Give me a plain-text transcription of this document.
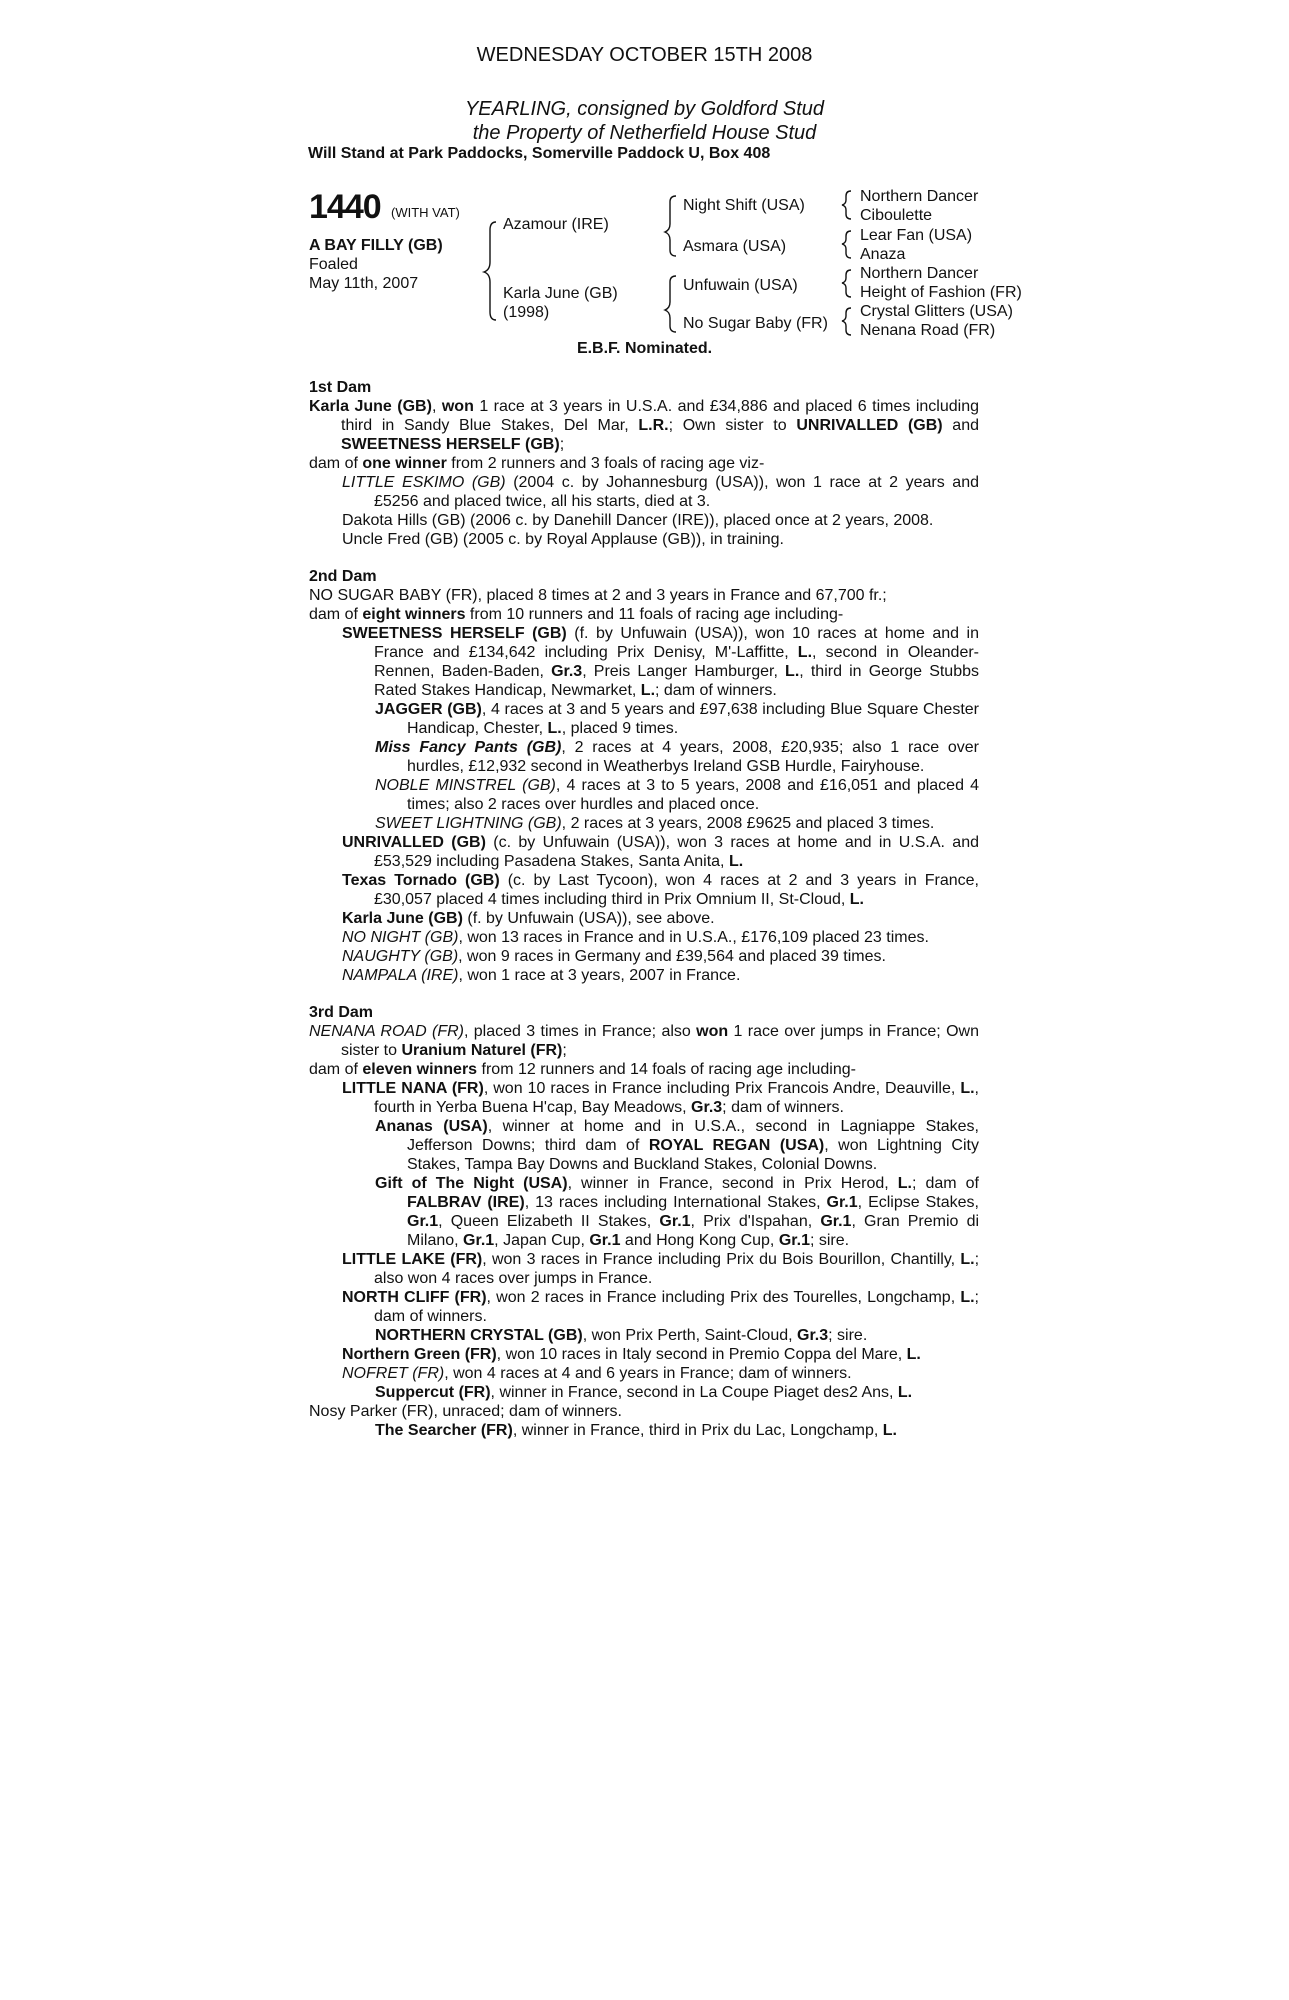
WEDNESDAY OCTOBER 15TH 2008
YEARLING, consigned by Goldford Stud
the Property of Netherfield House Stud
Will Stand at Park Paddocks, Somerville Paddock U, Box 408
1440 (WITH VAT)
A BAY FILLY (GB)
Foaled
May 11th, 2007
Azamour (IRE)
Karla June (GB)
(1998)
Night Shift (USA)
Asmara (USA)
Unfuwain (USA)
No Sugar Baby (FR)
Northern Dancer
Ciboulette
Lear Fan (USA)
Anaza
Northern Dancer
Height of Fashion (FR)
Crystal Glitters (USA)
Nenana Road (FR)
E.B.F. Nominated.

1st Dam

Karla June (GB), won 1 race at 3 years in U.S.A. and £34,886 and placed 6 times including third in Sandy Blue Stakes, Del Mar, L.R.; Own sister to UNRIVALLED (GB) and SWEETNESS HERSELF (GB);

dam of one winner from 2 runners and 3 foals of racing age viz-

LITTLE ESKIMO (GB) (2004 c. by Johannesburg (USA)), won 1 race at 2 years and £5256 and placed twice, all his starts, died at 3.

Dakota Hills (GB) (2006 c. by Danehill Dancer (IRE)), placed once at 2 years, 2008.

Uncle Fred (GB) (2005 c. by Royal Applause (GB)), in training.

2nd Dam

NO SUGAR BABY (FR), placed 8 times at 2 and 3 years in France and 67,700 fr.;

dam of eight winners from 10 runners and 11 foals of racing age including-

SWEETNESS HERSELF (GB) (f. by Unfuwain (USA)), won 10 races at home and in France and £134,642 including Prix Denisy, M'-Laffitte, L., second in Oleander-Rennen, Baden-Baden, Gr.3, Preis Langer Hamburger, L., third in George Stubbs Rated Stakes Handicap, Newmarket, L.; dam of winners.

JAGGER (GB), 4 races at 3 and 5 years and £97,638 including Blue Square Chester Handicap, Chester, L., placed 9 times.

Miss Fancy Pants (GB), 2 races at 4 years, 2008, £20,935; also 1 race over hurdles, £12,932 second in Weatherbys Ireland GSB Hurdle, Fairyhouse.

NOBLE MINSTREL (GB), 4 races at 3 to 5 years, 2008 and £16,051 and placed 4 times; also 2 races over hurdles and placed once.

SWEET LIGHTNING (GB), 2 races at 3 years, 2008 £9625 and placed 3 times.

UNRIVALLED (GB) (c. by Unfuwain (USA)), won 3 races at home and in U.S.A. and £53,529 including Pasadena Stakes, Santa Anita, L.

Texas Tornado (GB) (c. by Last Tycoon), won 4 races at 2 and 3 years in France, £30,057 placed 4 times including third in Prix Omnium II, St-Cloud, L.

Karla June (GB) (f. by Unfuwain (USA)), see above.

NO NIGHT (GB), won 13 races in France and in U.S.A., £176,109 placed 23 times.

NAUGHTY (GB), won 9 races in Germany and £39,564 and placed 39 times.

NAMPALA (IRE), won 1 race at 3 years, 2007 in France.

3rd Dam

NENANA ROAD (FR), placed 3 times in France; also won 1 race over jumps in France; Own sister to Uranium Naturel (FR);

dam of eleven winners from 12 runners and 14 foals of racing age including-

LITTLE NANA (FR), won 10 races in France including Prix Francois Andre, Deauville, L., fourth in Yerba Buena H'cap, Bay Meadows, Gr.3; dam of winners.

Ananas (USA), winner at home and in U.S.A., second in Lagniappe Stakes, Jefferson Downs; third dam of ROYAL REGAN (USA), won Lightning City Stakes, Tampa Bay Downs and Buckland Stakes, Colonial Downs.

Gift of The Night (USA), winner in France, second in Prix Herod, L.; dam of FALBRAV (IRE), 13 races including International Stakes, Gr.1, Eclipse Stakes, Gr.1, Queen Elizabeth II Stakes, Gr.1, Prix d'Ispahan, Gr.1, Gran Premio di Milano, Gr.1, Japan Cup, Gr.1 and Hong Kong Cup, Gr.1; sire.

LITTLE LAKE (FR), won 3 races in France including Prix du Bois Bourillon, Chantilly, L.; also won 4 races over jumps in France.

NORTH CLIFF (FR), won 2 races in France including Prix des Tourelles, Longchamp, L.; dam of winners.

NORTHERN CRYSTAL (GB), won Prix Perth, Saint-Cloud, Gr.3; sire.

Northern Green (FR), won 10 races in Italy second in Premio Coppa del Mare, L.

NOFRET (FR), won 4 races at 4 and 6 years in France; dam of winners.

Suppercut (FR), winner in France, second in La Coupe Piaget des2 Ans, L.

Nosy Parker (FR), unraced; dam of winners.

The Searcher (FR), winner in France, third in Prix du Lac, Longchamp, L.
